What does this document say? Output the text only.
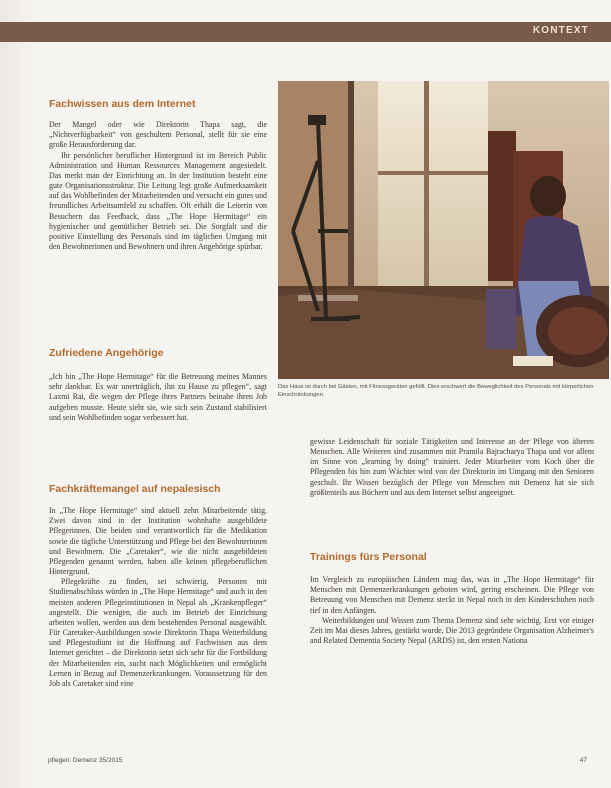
KONTEXT
Fachwissen aus dem Internet

Der Mangel oder wie Direktorin Thapa sagt, die „Nichtverfügbarkeit“ von geschultem Personal, stellt für sie eine große Herausforderung dar.

Ihr persönlicher beruflicher Hintergrund ist im Bereich Public Administration und Human Ressources Management angesiedelt. Das merkt man der Einrichtung an. In der Institution besteht eine gute Organisationsstruktur. Die Leitung legt große Aufmerksamkeit auf das Wohlbefinden der Mitarbeitenden und versucht ein gutes und freundliches Arbeitsumfeld zu schaffen. Oft erhält die Leiterin von Besuchern das Feedback, dass „The Hope Hermitage“ ein hygienischer und gemütlicher Betrieb sei. Die Sorgfalt und die positive Einstellung des Personals sind im täglichen Umgang mit den Bewohnerinnen und Bewohnern und ihren Angehörige spürbar.

Zufriedene Angehörige

„Ich bin „The Hope Hermitage“ für die Betreuung meines Mannes sehr dankbar. Es war unerträglich, ihn zu Hause zu pflegen“, sagt Laxmi Rai, die wegen der Pflege ihres Partners beinahe ihren Job aufgeben musste. Heute sieht sie, wie sich sein Zustand stabilisiert und sein Wohlbefinden sogar verbessert hat.

Fachkräftemangel auf nepalesisch

In „The Hope Hermitage“ sind aktuell zehn Mitarbeitende tätig. Zwei davon sind in der Institution wohnhafte ausgebildete Pflegerinnen. Die beiden sind verantwortlich für die Medikation sowie die tägliche Unterstützung und Pflege bei den Bewohnerinnen und Bewohnern. Die „Caretaker“, wie die nicht ausgebildeten Pflegenden genannt werden, haben alle keinen pflegeberuflichen Hintergrund.

Pflegekräfte zu finden, sei schwierig. Personen mit Studienabschluss würden in „The Hope Hermitage“ und auch in den meisten anderen Pflegeinstitutionen in Nepal als „Krankenpfleger“ angestellt. Die wenigen, die auch im Betrieb der Einrichtung arbeiten wollen, werden aus dem bestehenden Personal ausgewählt. Für Caretaker-Ausbildungen sowie Direktorin Thapa Weiterbildung und Pflegestudium ist die Hoffnung auf Fachwissen aus dem Internet gerichtet – die Direktorin setzt sich sehr für die Fortbildung der Mitarbeitenden ein, sucht nach Möglichkeiten und ermöglicht Lernen in Bezug auf Demenzerkrankungen. Voraussetzung für den Job als Caretaker sind eine

Das Haus ist durch bei Gästen, mit Fitnessgeräten gefüllt. Dies erschwert die Beweglichkeit des Personals mit körperlichen Einschränkungen.

gewisse Leidenschaft für soziale Tätigkeiten und Interesse an der Pflege von älteren Menschen. Alle Weiteren sind zusammen mit Pramila Bajracharya Thapa und vor allem im Sinne von „learning by doing“ trainiert. Jeder Mitarbeiter vom Koch über die Pflegenden bis hin zum Wächter wird von der Direktorin im Umgang mit den Senioren geschult. Ihr Wissen bezüglich der Pflege von Menschen mit Demenz hat sie sich größtenteils aus Büchern und aus dem Internet selbst angeeignet.

Trainings fürs Personal

Im Vergleich zu europäischen Ländern mag das, was in „The Hope Hermitage“ für Menschen mit Demenzerkrankungen geboten wird, gering erscheinen. Die Pflege von Betreuung von Menschen mit Demenz steckt in Nepal noch in den Kinderschuhen noch tief in den Anfängen.

Weiterbildungen und Wissen zum Thema Demenz sind sehr wichtig. Erst vor einiger Zeit im Mai dieses Jahres, gestärkt wurde, Die 2013 gegründete Organisation Alzheimer's and Related Dementia Society Nepal (ARDS) ist, den ersten Nationa

pflegen: Demenz 35/2015	47
